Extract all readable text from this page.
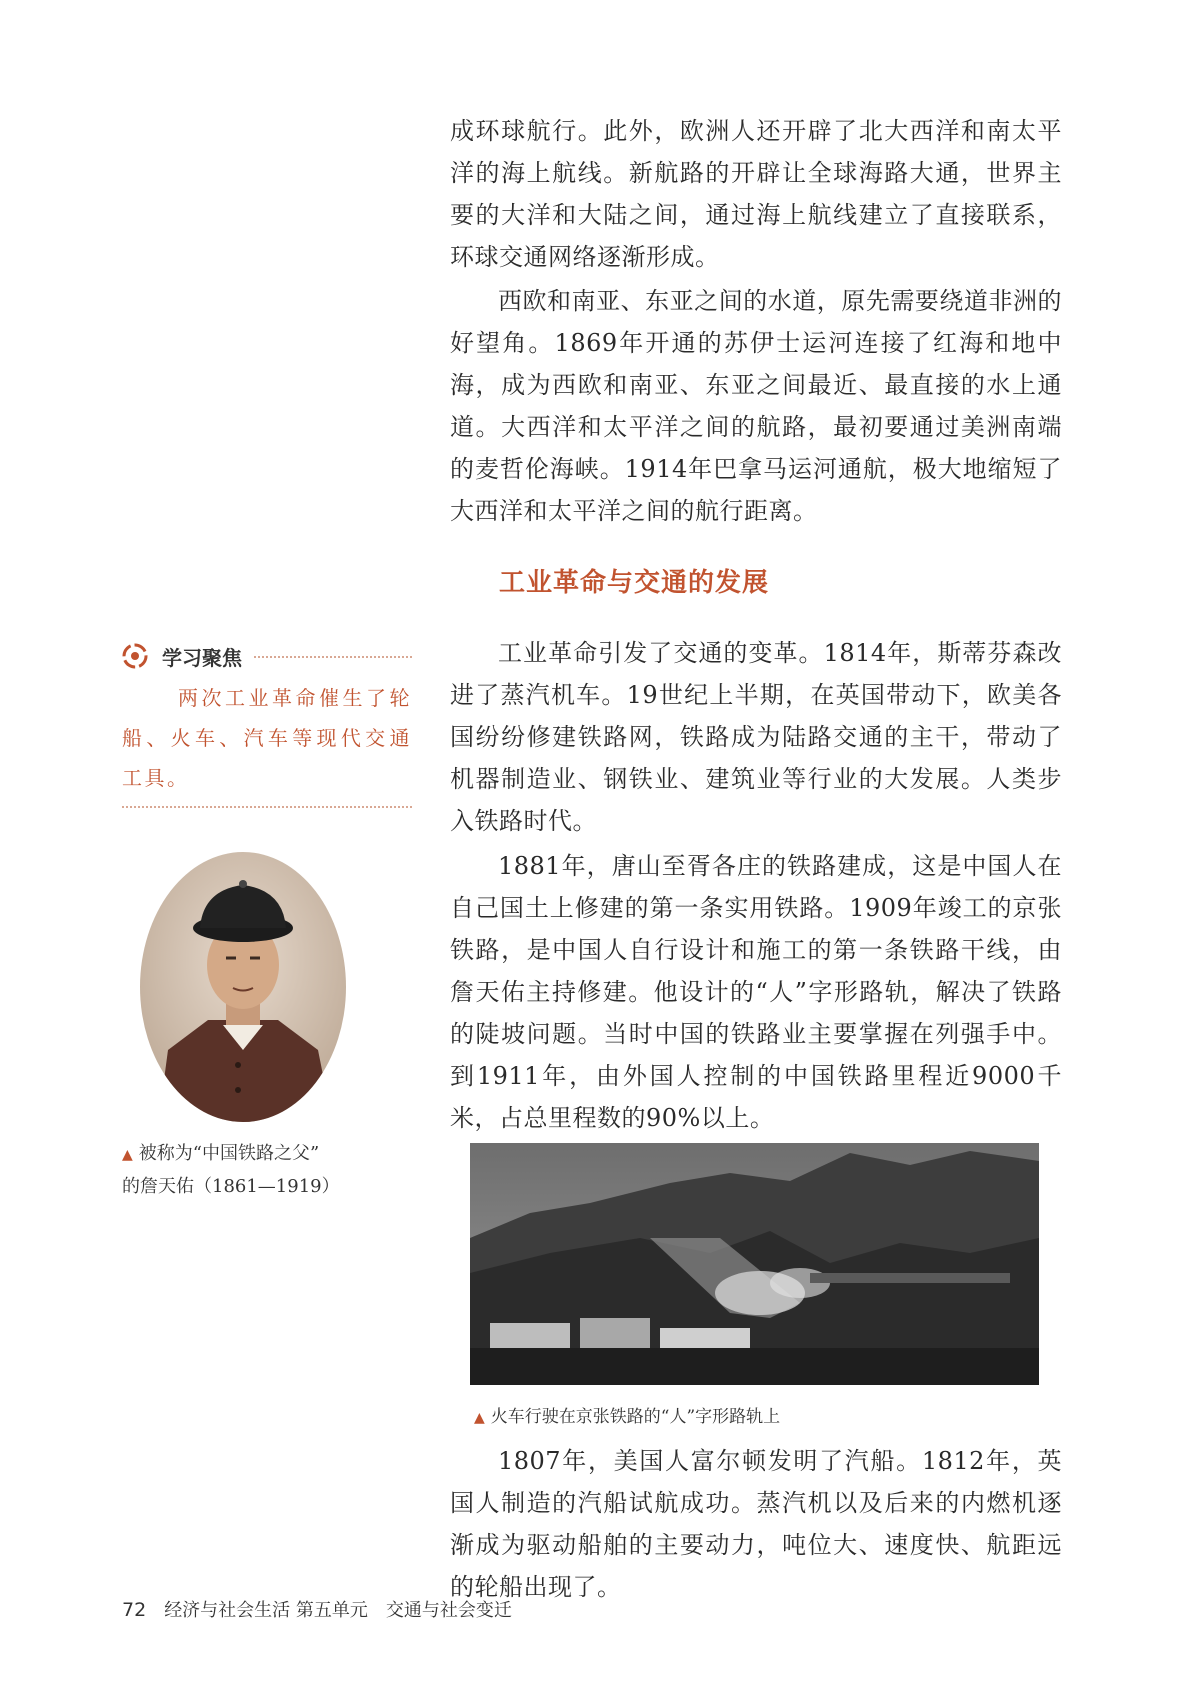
成环球航行。此外，欧洲人还开辟了北大西洋和南太平洋的海上航线。新航路的开辟让全球海路大通，世界主要的大洋和大陆之间，通过海上航线建立了直接联系，环球交通网络逐渐形成。

西欧和南亚、东亚之间的水道，原先需要绕道非洲的好望角。1869年开通的苏伊士运河连接了红海和地中海，成为西欧和南亚、东亚之间最近、最直接的水上通道。大西洋和太平洋之间的航路，最初要通过美洲南端的麦哲伦海峡。1914年巴拿马运河通航，极大地缩短了大西洋和太平洋之间的航行距离。

工业革命与交通的发展

工业革命引发了交通的变革。1814年，斯蒂芬森改进了蒸汽机车。19世纪上半期，在英国带动下，欧美各国纷纷修建铁路网，铁路成为陆路交通的主干，带动了机器制造业、钢铁业、建筑业等行业的大发展。人类步入铁路时代。

1881年，唐山至胥各庄的铁路建成，这是中国人在自己国土上修建的第一条实用铁路。1909年竣工的京张铁路，是中国人自行设计和施工的第一条铁路干线，由詹天佑主持修建。他设计的“人”字形路轨，解决了铁路的陡坡问题。当时中国的铁路业主要掌握在列强手中。到1911年，由外国人控制的中国铁路里程近9000千米，占总里程数的90%以上。

▲ 火车行驶在京张铁路的“人”字形路轨上

1807年，美国人富尔顿发明了汽船。1812年，英国人制造的汽船试航成功。蒸汽机以及后来的内燃机逐渐成为驱动船舶的主要动力，吨位大、速度快、航距远的轮船出现了。

学习聚焦

两次工业革命催生了轮船、火车、汽车等现代交通工具。

▲ 被称为“中国铁路之父”
的詹天佑（1861—1919）
72 经济与社会生活 第五单元　交通与社会变迁
